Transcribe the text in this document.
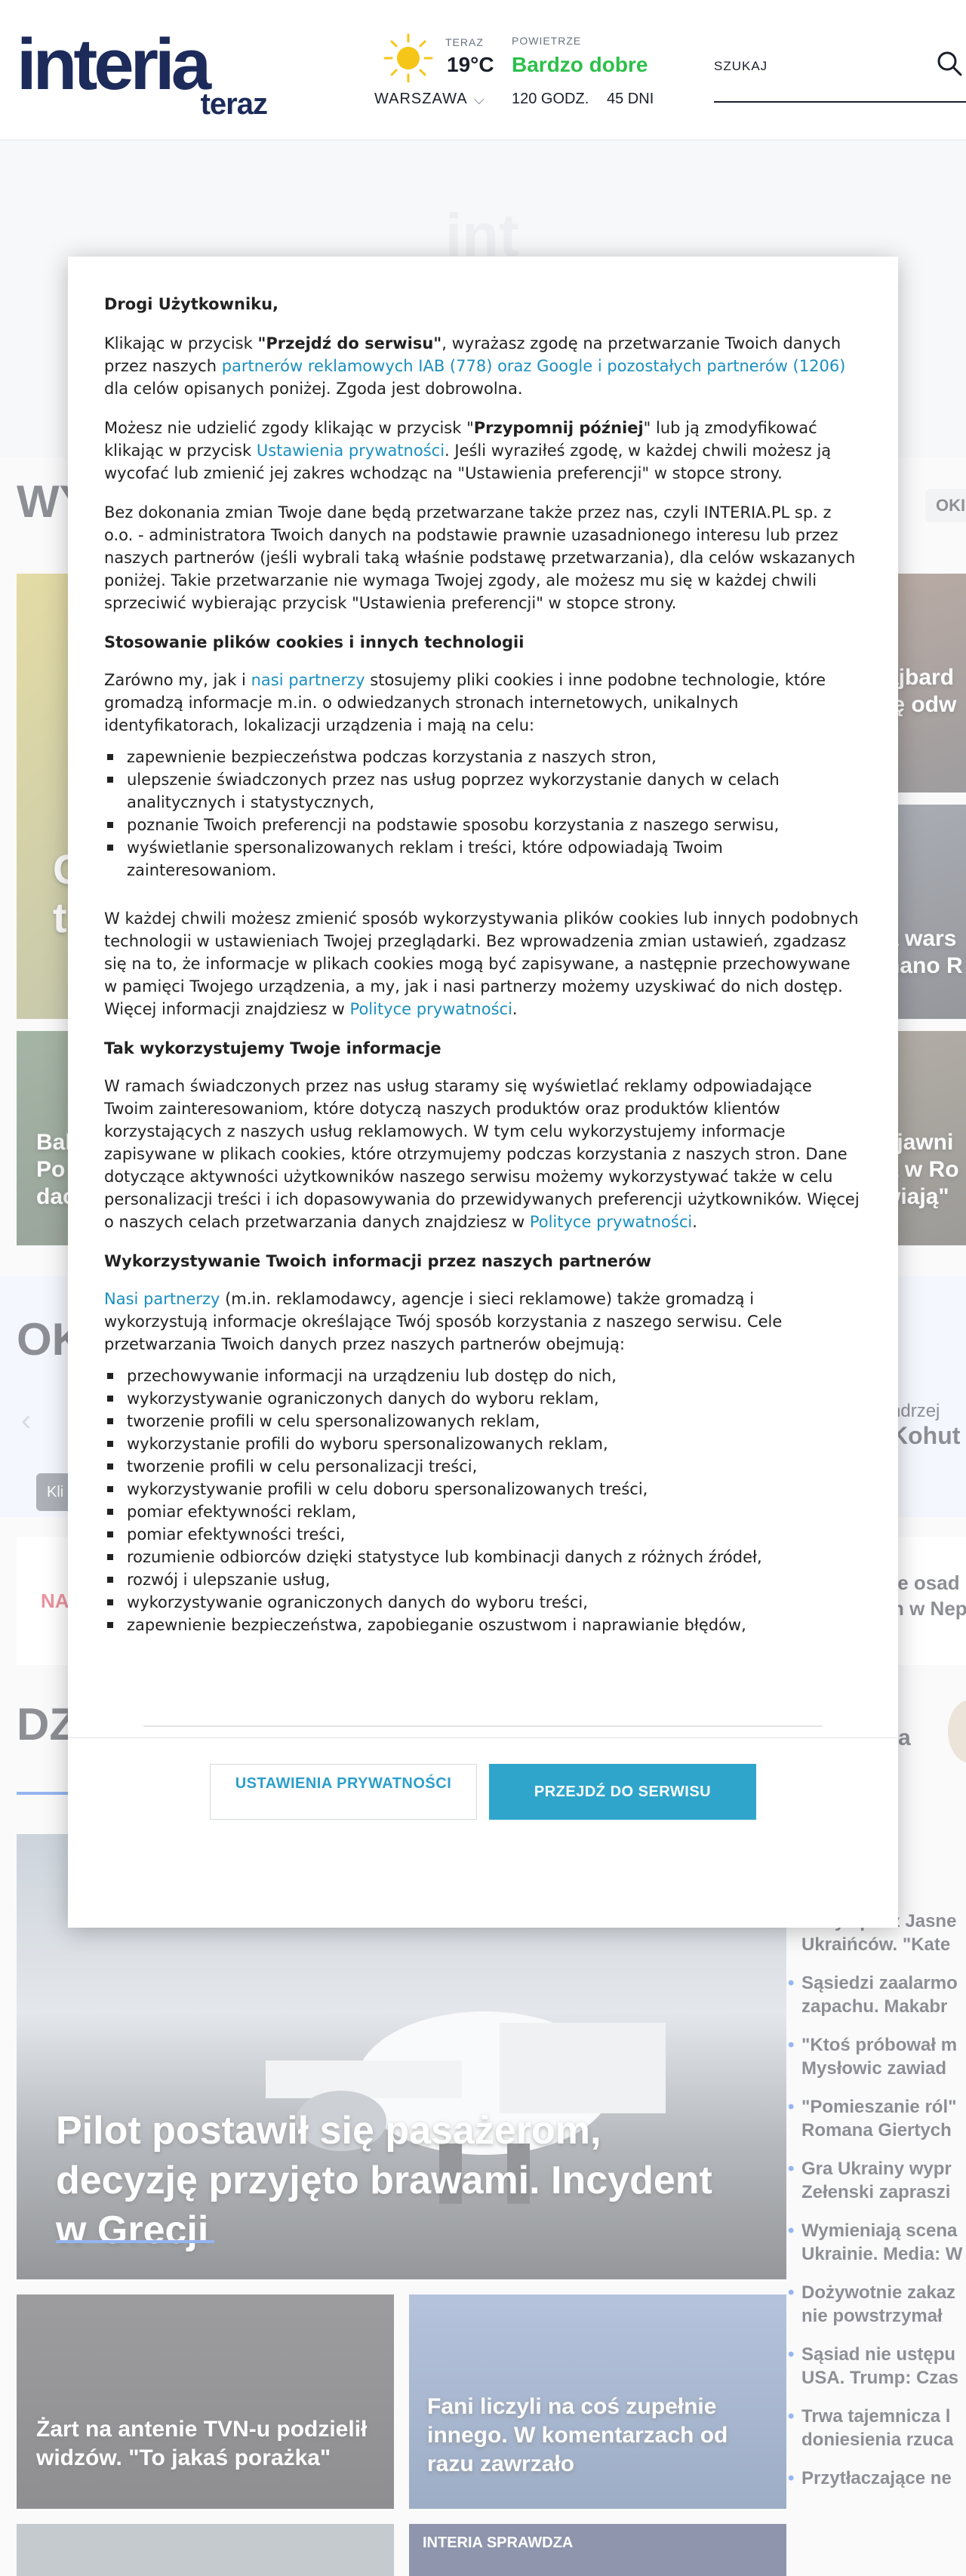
interia
teraz
TERAZ
19°C
WARSZAWA ⌵
POWIETRZE
Bardzo dobre
120 GODZ. 45 DNI
SZUKAJ
•
•
•
•
•
•
•
•
•
•

Drogi Użytkowniku,

Klikając w przycisk "Przejdź do serwisu", wyrażasz zgodę na przetwarzanie Twoich danych przez naszych partnerów reklamowych IAB (778) oraz Google i pozostałych partnerów (1206) dla celów opisanych poniżej. Zgoda jest dobrowolna.

Możesz nie udzielić zgody klikając w przycisk "Przypomnij później" lub ją zmodyfikować klikając w przycisk Ustawienia prywatności. Jeśli wyraziłeś zgodę, w każdej chwili możesz ją wycofać lub zmienić jej zakres wchodząc na "Ustawienia preferencji" w stopce strony.

Bez dokonania zmian Twoje dane będą przetwarzane także przez nas, czyli INTERIA.PL sp. z o.o. - administratora Twoich danych na podstawie prawnie uzasadnionego interesu lub przez naszych partnerów (jeśli wybrali taką właśnie podstawę przetwarzania), dla celów wskazanych poniżej. Takie przetwarzanie nie wymaga Twojej zgody, ale możesz mu się w każdej chwili sprzeciwić wybierając przycisk "Ustawienia preferencji" w stopce strony.

Stosowanie plików cookies i innych technologii

Zarówno my, jak i nasi partnerzy stosujemy pliki cookies i inne podobne technologie, które gromadzą informacje m.in. o odwiedzanych stronach internetowych, unikalnych identyfikatorach, lokalizacji urządzenia i mają na celu:

zapewnienie bezpieczeństwa podczas korzystania z naszych stron,
ulepszenie świadczonych przez nas usług poprzez wykorzystanie danych w celach analitycznych i statystycznych,
poznanie Twoich preferencji na podstawie sposobu korzystania z naszego serwisu,
wyświetlanie spersonalizowanych reklam i treści, które odpowiadają Twoim zainteresowaniom.

W każdej chwili możesz zmienić sposób wykorzystywania plików cookies lub innych podobnych technologii w ustawieniach Twojej przeglądarki. Bez wprowadzenia zmian ustawień, zgadzasz się na to, że informacje w plikach cookies mogą być zapisywane, a następnie przechowywane w pamięci Twojego urządzenia, a my, jak i nasi partnerzy możemy uzyskiwać do nich dostęp. Więcej informacji znajdziesz w Polityce prywatności.

Tak wykorzystujemy Twoje informacje

W ramach świadczonych przez nas usług staramy się wyświetlać reklamy odpowiadające Twoim zainteresowaniom, które dotyczą naszych produktów oraz produktów klientów korzystających z naszych usług reklamowych. W tym celu wykorzystujemy informacje zapisywane w plikach cookies, które otrzymujemy podczas korzystania z naszych stron. Dane dotyczące aktywności użytkowników naszego serwisu możemy wykorzystywać także w celu personalizacji treści i ich dopasowywania do przewidywanych preferencji użytkowników. Więcej o naszych celach przetwarzania danych znajdziesz w Polityce prywatności.

Wykorzystywanie Twoich informacji przez naszych partnerów

Nasi partnerzy (m.in. reklamodawcy, agencje i sieci reklamowe) także gromadzą i wykorzystują informacje określające Twój sposób korzystania z naszego serwisu. Cele przetwarzania Twoich danych przez naszych partnerów obejmują:

przechowywanie informacji na urządzeniu lub dostęp do nich,
wykorzystywanie ograniczonych danych do wyboru reklam,
tworzenie profili w celu spersonalizowanych reklam,
wykorzystanie profili do wyboru spersonalizowanych reklam,
tworzenie profili w celu personalizacji treści,
wykorzystywanie profili w celu doboru spersonalizowanych treści,
pomiar efektywności reklam,
pomiar efektywności treści,
rozumienie odbiorców dzięki statystyce lub kombinacji danych z różnych źródeł,
rozwój i ulepszanie usług,
wykorzystywanie ograniczonych danych do wyboru treści,
zapewnienie bezpieczeństwa, zapobieganie oszustwom i naprawianie błędów,
USTAWIENIA PRYWATNOŚCI	PRZEJDŹ DO SERWISU
